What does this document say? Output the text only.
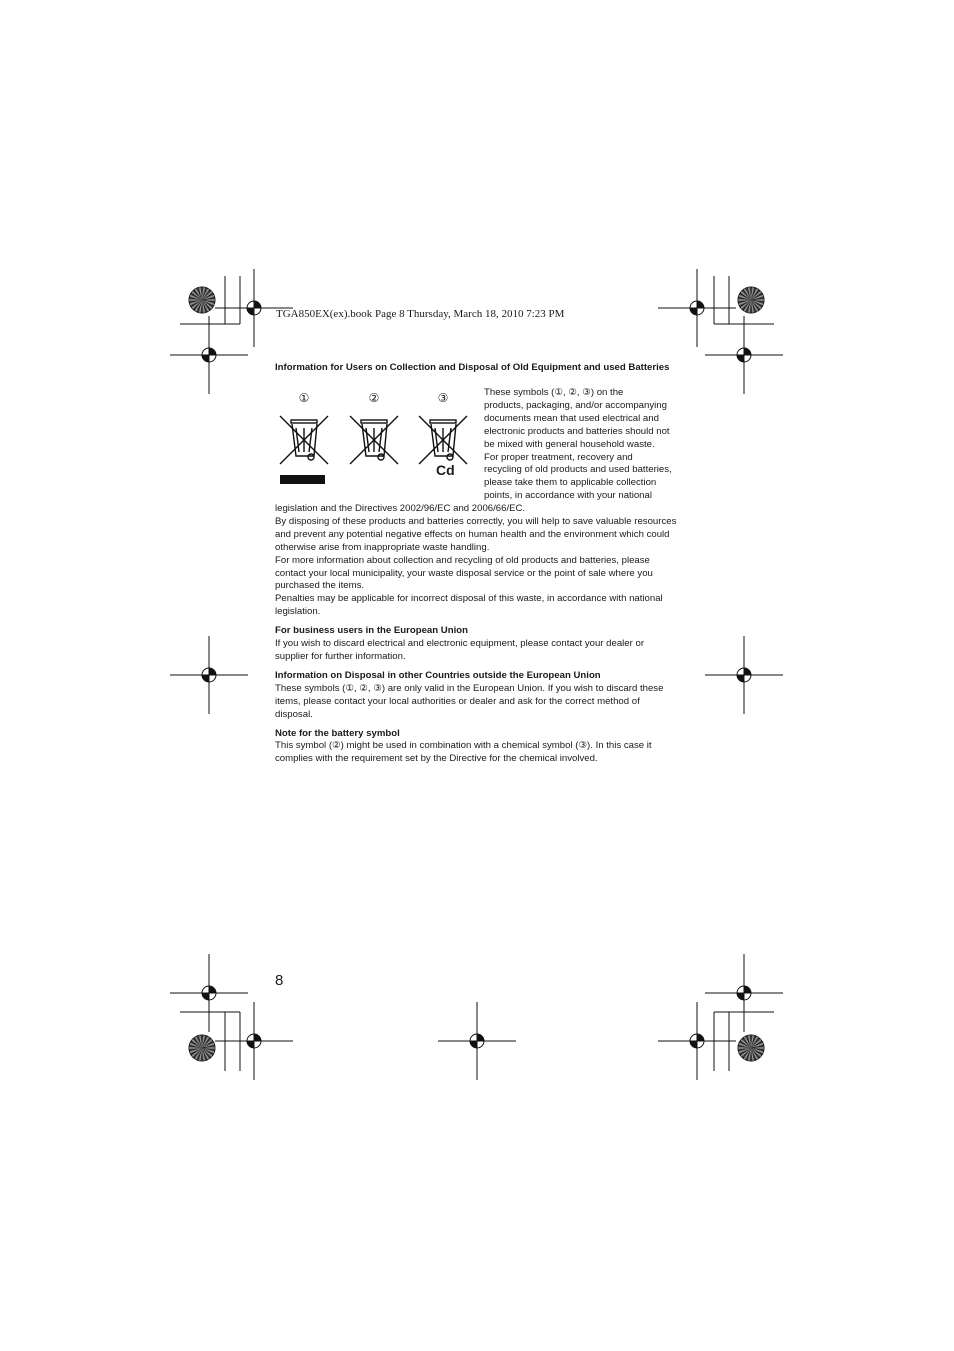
TGA850EX(ex).book Page 8 Thursday, March 18, 2010 7:23 PM
Information for Users on Collection and Disposal of Old Equipment and used Batteries
①	②	③
Cd
These symbols (①, ②, ③) on the
products, packaging, and/or accompanying
documents mean that used electrical and
electronic products and batteries should not
be mixed with general household waste.
For proper treatment, recovery and
recycling of old products and used batteries,
please take them to applicable collection
points, in accordance with your national

legislation and the Directives 2002/96/EC and 2006/66/EC.

By disposing of these products and batteries correctly, you will help to save valuable resources and prevent any potential negative effects on human health and the environment which could otherwise arise from inappropriate waste handling.

For more information about collection and recycling of old products and batteries, please contact your local municipality, your waste disposal service or the point of sale where you purchased the items.

Penalties may be applicable for incorrect disposal of this waste, in accordance with national legislation.

For business users in the European Union

If you wish to discard electrical and electronic equipment, please contact your dealer or supplier for further information.

Information on Disposal in other Countries outside the European Union

These symbols (①, ②, ③) are only valid in the European Union. If you wish to discard these items, please contact your local authorities or dealer and ask for the correct method of disposal.

Note for the battery symbol

This symbol (②) might be used in combination with a chemical symbol (③). In this case it complies with the requirement set by the Directive for the chemical involved.

8
